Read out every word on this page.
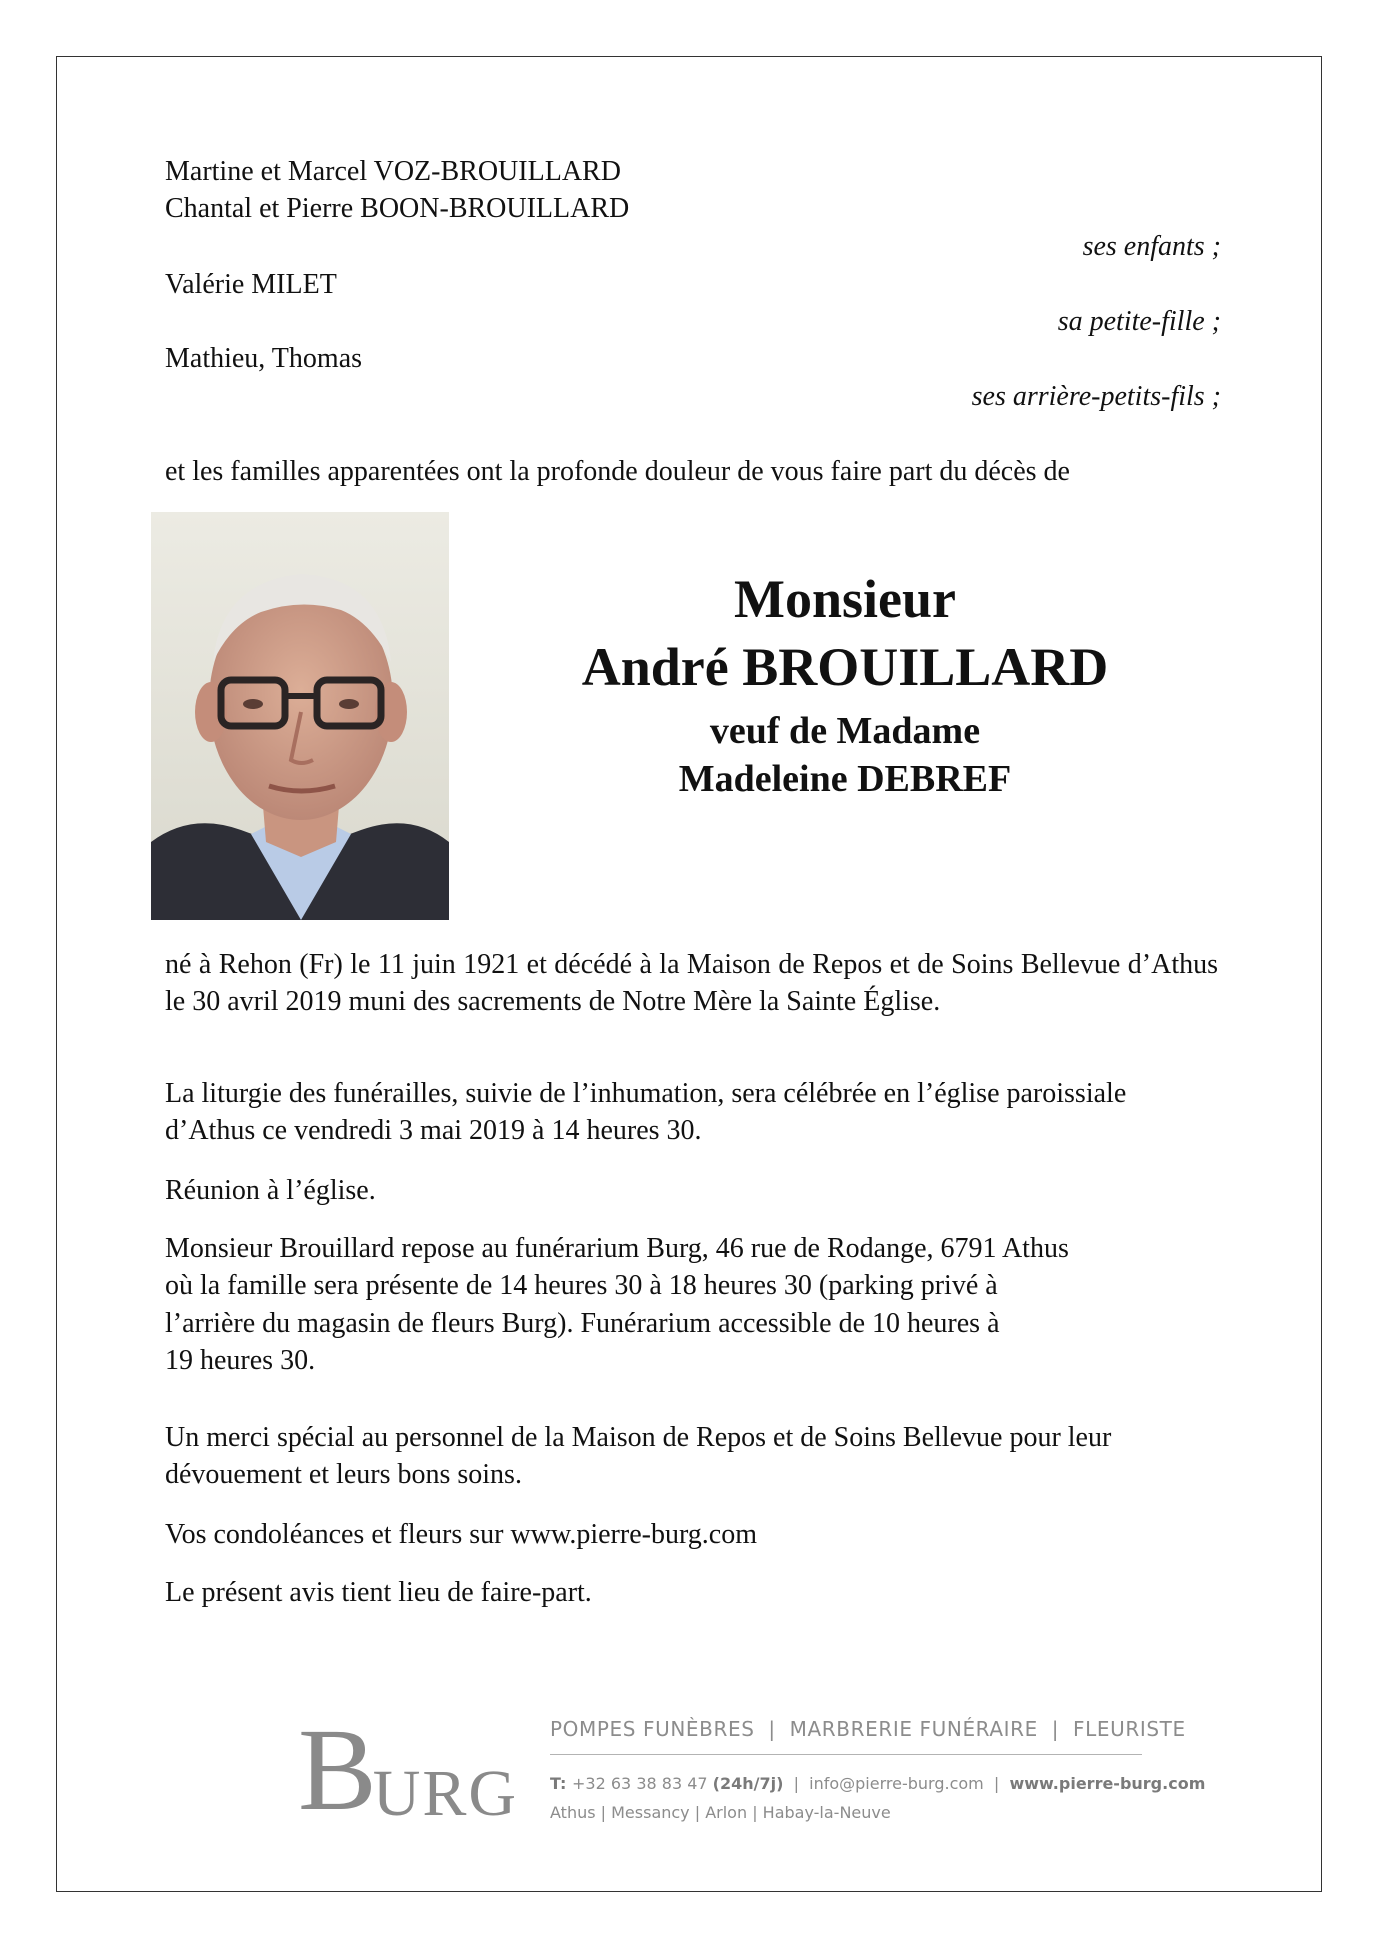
Martine et Marcel VOZ-BROUILLARD
Chantal et Pierre BOON-BROUILLARD
ses enfants ;
Valérie MILET
sa petite-fille ;
Mathieu, Thomas
ses arrière-petits-fils ;
et les familles apparentées ont la profonde douleur de vous faire part du décès de
Monsieur
André BROUILLARD
veuf de Madame
Madeleine DEBREF
né à Rehon (Fr) le 11 juin 1921 et décédé à la Maison de Repos et de Soins Bellevue d’Athus le 30 avril 2019 muni des sacrements de Notre Mère la Sainte Église.
La liturgie des funérailles, suivie de l’inhumation, sera célébrée en l’église paroissiale d’Athus ce vendredi 3 mai 2019 à 14 heures 30.
Réunion à l’église.
Monsieur Brouillard repose au funérarium Burg, 46 rue de Rodange, 6791 Athus
où la famille sera présente de 14 heures 30 à 18 heures 30 (parking privé à
l’arrière du magasin de fleurs Burg). Funérarium accessible de 10 heures à
19 heures 30.
Un merci spécial au personnel de la Maison de Repos et de Soins Bellevue pour leur dévouement et leurs bons soins.
Vos condoléances et fleurs sur www.pierre-burg.com
Le présent avis tient lieu de faire-part.
BURG
POMPES FUNÈBRES  |  MARBRERIE FUNÉRAIRE  |  FLEURISTE
T: +32 63 38 83 47 (24h/7j) | info@pierre-burg.com | www.pierre-burg.com
Athus | Messancy | Arlon | Habay-la-Neuve
